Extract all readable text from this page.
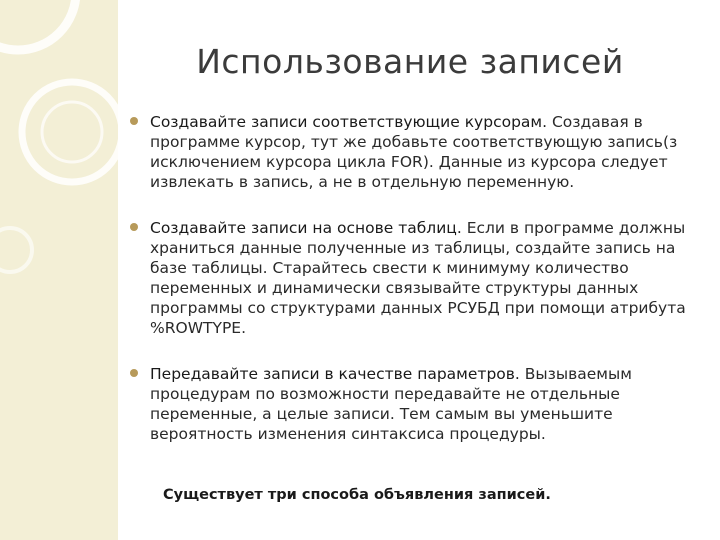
Использование записей
Создавайте записи соответствующие курсорам. Создавая в программе курсор, тут же добавьте соответствующую запись(з исключением курсора цикла FOR). Данные из курсора следует извлекать в запись, а не в отдельную переменную.
Создавайте записи на основе таблиц. Если в программе должны храниться данные полученные из таблицы, создайте запись на базе таблицы. Старайтесь свести к минимуму количество переменных и динамически связывайте структуры данных программы со структурами данных РСУБД при помощи атрибута %ROWTYPE.
Передавайте записи в качестве параметров. Вызываемым процедурам по возможности передавайте не отдельные переменные, а целые записи. Тем самым вы уменьшите вероятность изменения синтаксиса процедуры.
Существует три способа объявления записей.
